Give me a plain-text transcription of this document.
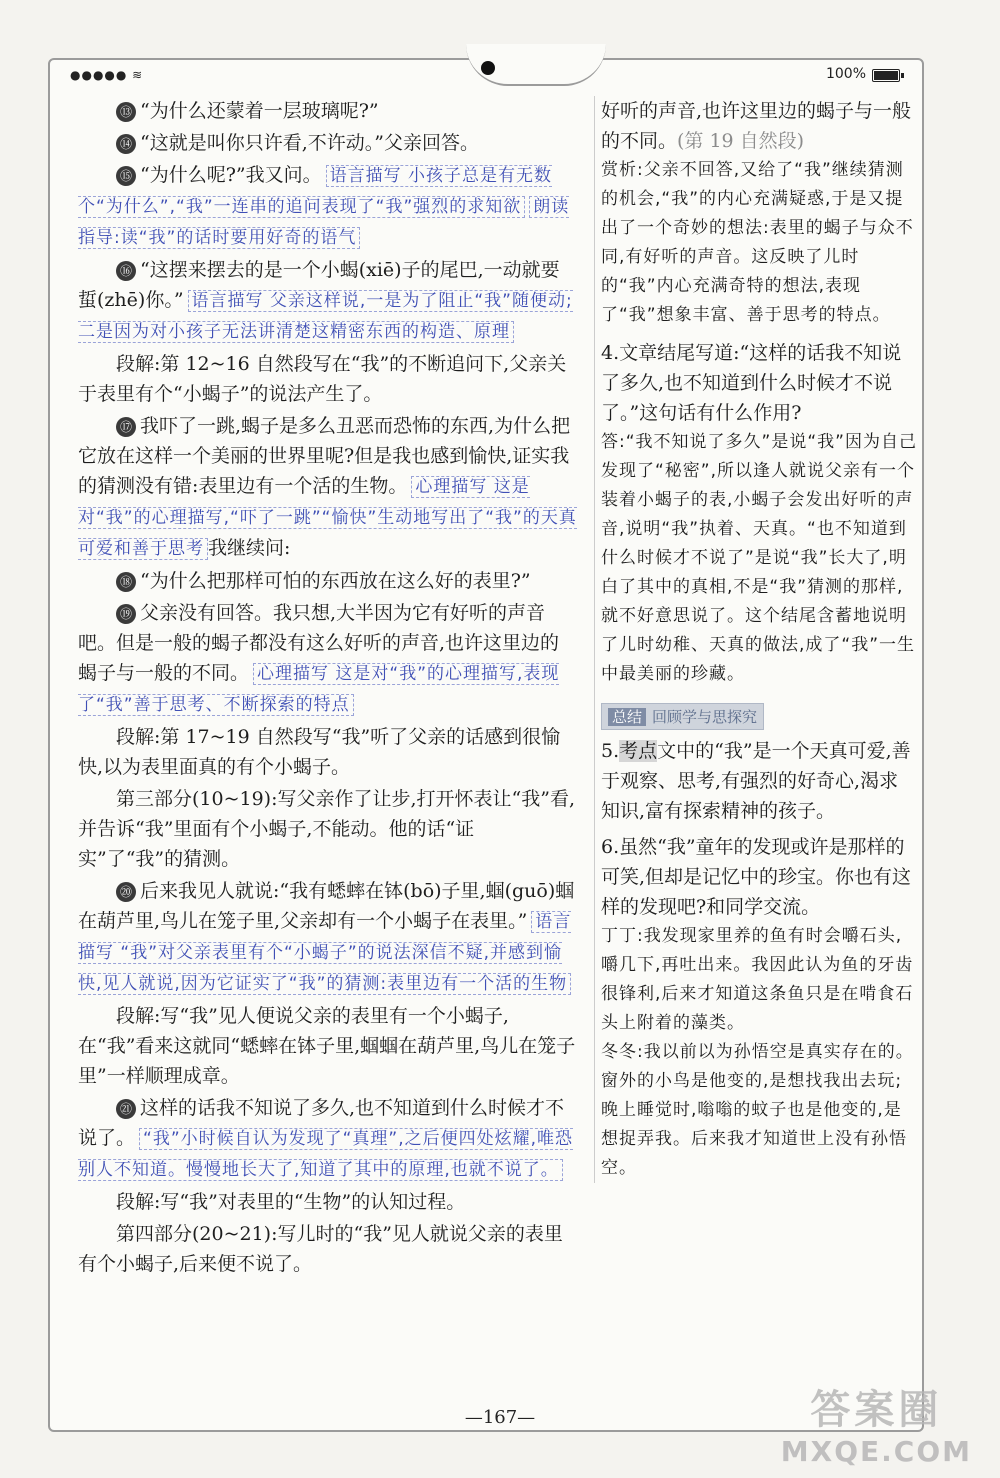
●●●●● ≋	100%

⑬ “为什么还蒙着一层玻璃呢?”

⑭ “这就是叫你只许看,不许动。”父亲回答。

⑮ “为什么呢?”我又问。 语言描写 小孩子总是有无数个“为什么”,“我”一连串的追问表现了“我”强烈的求知欲 朗读指导:读“我”的话时要用好奇的语气

⑯ “这摆来摆去的是一个小蝎(xiē)子的尾巴,一动就要蜇(zhē)你。” 语言描写 父亲这样说,一是为了阻止“我”随便动;二是因为对小孩子无法讲清楚这精密东西的构造、原理

段解:第 12~16 自然段写在“我”的不断追问下,父亲关于表里有个“小蝎子”的说法产生了。

⑰ 我吓了一跳,蝎子是多么丑恶而恐怖的东西,为什么把它放在这样一个美丽的世界里呢?但是我也感到愉快,证实我的猜测没有错:表里边有一个活的生物。 心理描写 这是对“我”的心理描写,“吓了一跳”“愉快”生动地写出了“我”的天真可爱和善于思考 我继续问:

⑱ “为什么把那样可怕的东西放在这么好的表里?”

⑲ 父亲没有回答。我只想,大半因为它有好听的声音吧。但是一般的蝎子都没有这么好听的声音,也许这里边的蝎子与一般的不同。 心理描写 这是对“我”的心理描写,表现了“我”善于思考、不断探索的特点

段解:第 17~19 自然段写“我”听了父亲的话感到很愉快,以为表里面真的有个小蝎子。

第三部分(10~19):写父亲作了让步,打开怀表让“我”看,并告诉“我”里面有个小蝎子,不能动。他的话“证实”了“我”的猜测。

⑳ 后来我见人就说:“我有蟋蟀在钵(bō)子里,蝈(guō)蝈在葫芦里,鸟儿在笼子里,父亲却有一个小蝎子在表里。” 语言描写 “我”对父亲表里有个“小蝎子”的说法深信不疑,并感到愉快,见人就说,因为它证实了“我”的猜测:表里边有一个活的生物

段解:写“我”见人便说父亲的表里有一个小蝎子,在“我”看来这就同“蟋蟀在钵子里,蝈蝈在葫芦里,鸟儿在笼子里”一样顺理成章。

㉑ 这样的话我不知说了多久,也不知道到什么时候才不说了。 “我”小时候自认为发现了“真理”,之后便四处炫耀,唯恐别人不知道。慢慢地长大了,知道了其中的原理,也就不说了。

段解:写“我”对表里的“生物”的认知过程。

第四部分(20~21):写儿时的“我”见人就说父亲的表里有个小蝎子,后来便不说了。

好听的声音,也许这里边的蝎子与一般的不同。(第 19 自然段)
赏析:父亲不回答,又给了“我”继续猜测的机会,“我”的内心充满疑惑,于是又提出了一个奇妙的想法:表里的蝎子与众不同,有好听的声音。这反映了儿时的“我”内心充满奇特的想法,表现了“我”想象丰富、善于思考的特点。
4.文章结尾写道:“这样的话我不知说了多久,也不知道到什么时候才不说了。”这句话有什么作用?
答:“我不知说了多久”是说“我”因为自己发现了“秘密”,所以逢人就说父亲有一个装着小蝎子的表,小蝎子会发出好听的声音,说明“我”执着、天真。“也不知道到什么时候才不说了”是说“我”长大了,明白了其中的真相,不是“我”猜测的那样,就不好意思说了。这个结尾含蓄地说明了儿时幼稚、天真的做法,成了“我”一生中最美丽的珍藏。
总结 回顾学与思探究
5.考点文中的“我”是一个天真可爱,善于观察、思考,有强烈的好奇心,渴求知识,富有探索精神的孩子。
6.虽然“我”童年的发现或许是那样的可笑,但却是记忆中的珍宝。你也有这样的发现吧?和同学交流。
丁丁:我发现家里养的鱼有时会嚼石头,嚼几下,再吐出来。我因此认为鱼的牙齿很锋利,后来才知道这条鱼只是在啃食石头上附着的藻类。
冬冬:我以前以为孙悟空是真实存在的。窗外的小鸟是他变的,是想找我出去玩;晚上睡觉时,嗡嗡的蚊子也是他变的,是想捉弄我。后来我才知道世上没有孙悟空。
—167—	答案圈
MXQE.COM
